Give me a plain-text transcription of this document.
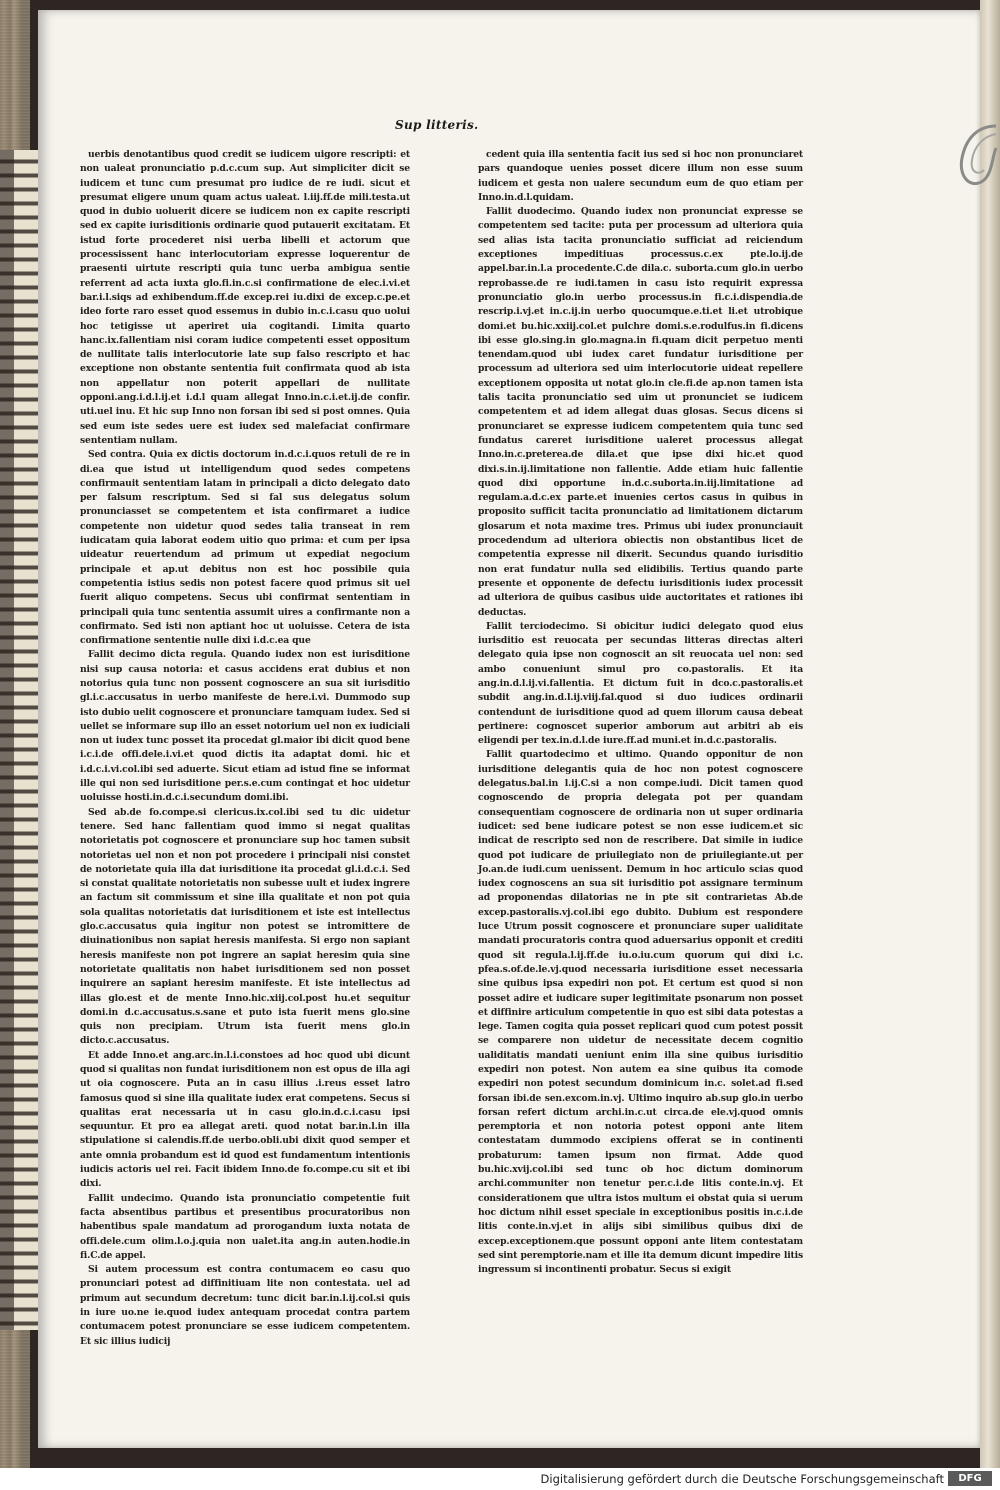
Sup litteris.

uerbis denotantibus quod credit se iudicem uigore rescripti: et non ualeat pronunciatio p.d.c.cum sup. Aut simpliciter dicit se iudicem et tunc cum presumat pro iudice de re iudi. sicut et presumat eligere unum quam actus ualeat. l.iij.ff.de mili.testa.ut quod in dubio uoluerit dicere se iudicem non ex capite rescripti sed ex capite iurisditionis ordinarie quod putauerit excitatam. Et istud forte procederet nisi uerba libelli et actorum que processissent hanc interlocutoriam expresse loquerentur de praesenti uirtute rescripti quia tunc uerba ambigua sentie referrent ad acta iuxta glo.fi.in.c.si confirmatione de elec.i.vi.et bar.i.l.siqs ad exhibendum.ff.de excep.rei iu.dixi de excep.c.pe.et ideo forte raro esset quod essemus in dubio in.c.i.casu quo uolui hoc tetigisse ut aperiret uia cogitandi. Limita quarto hanc.ix.fallentiam nisi coram iudice competenti esset oppositum de nullitate talis interlocutorie late sup falso rescripto et hac exceptione non obstante sententia fuit confirmata quod ab ista non appellatur non poterit appellari de nullitate opponi.ang.i.d.l.ij.et i.d.l quam allegat Inno.in.c.i.et.ij.de confir. uti.uel inu. Et hic sup Inno non forsan ibi sed si post omnes. Quia sed eum iste sedes uere est iudex sed malefaciat confirmare sententiam nullam.

Sed contra. Quia ex dictis doctorum in.d.c.i.quos retuli de re in di.ea que istud ut intelligendum quod sedes competens confirmauit sententiam latam in principali a dicto delegato dato per falsum rescriptum. Sed si fal sus delegatus solum pronunciasset se competentem et ista confirmaret a iudice competente non uidetur quod sedes talia transeat in rem iudicatam quia laborat eodem uitio quo prima: et cum per ipsa uideatur reuertendum ad primum ut expediat negocium principale et ap.ut debitus non est hoc possibile quia competentia istius sedis non potest facere quod primus sit uel fuerit aliquo competens. Secus ubi confirmat sententiam in principali quia tunc sententia assumit uires a confirmante non a confirmato. Sed isti non aptiant hoc ut uoluisse. Cetera de ista confirmatione sententie nulle dixi i.d.c.ea que

Fallit decimo dicta regula. Quando iudex non est iurisditione nisi sup causa notoria: et casus accidens erat dubius et non notorius quia tunc non possent cognoscere an sua sit iurisditio gl.i.c.accusatus in uerbo manifeste de here.i.vi. Dummodo sup isto dubio uelit cognoscere et pronunciare tamquam iudex. Sed si uellet se informare sup illo an esset notorium uel non ex iudiciali non ut iudex tunc posset ita procedat gl.maior ibi dicit quod bene i.c.i.de offi.dele.i.vi.et quod dictis ita adaptat domi. hic et i.d.c.i.vi.col.ibi sed aduerte. Sicut etiam ad istud fine se informat ille qui non sed iurisditione per.s.e.cum contingat et hoc uidetur uoluisse hosti.in.d.c.i.secundum domi.ibi.

Sed ab.de fo.compe.si clericus.ix.col.ibi sed tu dic uidetur tenere. Sed hanc fallentiam quod immo si negat qualitas notorietatis pot cognoscere et pronunciare sup hoc tamen subsit notorietas uel non et non pot procedere i principali nisi constet de notorietate quia illa dat iurisditione ita procedat gl.i.d.c.i. Sed si constat qualitate notorietatis non subesse uult et iudex ingrere an factum sit commissum et sine illa qualitate et non pot quia sola qualitas notorietatis dat iurisditionem et iste est intellectus glo.c.accusatus quia ingitur non potest se intromittere de diuinationibus non sapiat heresis manifesta. Si ergo non sapiant heresis manifeste non pot ingrere an sapiat heresim quia sine notorietate qualitatis non habet iurisditionem sed non posset inquirere an sapiant heresim manifeste. Et iste intellectus ad illas glo.est et de mente Inno.hic.xiij.col.post hu.et sequitur domi.in d.c.accusatus.s.sane et puto ista fuerit mens glo.sine quis non precipiam. Utrum ista fuerit mens glo.in dicto.c.accusatus.

Et adde Inno.et ang.arc.in.l.i.constoes ad hoc quod ubi dicunt quod si qualitas non fundat iurisditionem non est opus de illa agi ut oia cognoscere. Puta an in casu illius .i.reus esset latro famosus quod si sine illa qualitate iudex erat competens. Secus si qualitas erat necessaria ut in casu glo.in.d.c.i.casu ipsi sequuntur. Et pro ea allegat areti. quod notat bar.in.l.in illa stipulatione si calendis.ff.de uerbo.obli.ubi dixit quod semper et ante omnia probandum est id quod est fundamentum intentionis iudicis actoris uel rei. Facit ibidem Inno.de fo.compe.cu sit et ibi dixi.

Fallit undecimo. Quando ista pronunciatio competentie fuit facta absentibus partibus et presentibus procuratoribus non habentibus spale mandatum ad prorogandum iuxta notata de offi.dele.cum olim.l.o.j.quia non ualet.ita ang.in auten.hodie.in fi.C.de appel.

Si autem processum est contra contumacem eo casu quo pronunciari potest ad diffinitiuam lite non contestata. uel ad primum aut secundum decretum: tunc dicit bar.in.l.ij.col.si quis in iure uo.ne ie.quod iudex antequam procedat contra partem contumacem potest pronunciare se esse iudicem competentem. Et sic illius iudicij

cedent quia illa sententia facit ius sed si hoc non pronunciaret pars quandoque uenies posset dicere illum non esse suum iudicem et gesta non ualere secundum eum de quo etiam per Inno.in.d.l.quidam.

Fallit duodecimo. Quando iudex non pronunciat expresse se competentem sed tacite: puta per processum ad ulteriora quia sed alias ista tacita pronunciatio sufficiat ad reiciendum exceptiones impeditiuas processus.c.ex pte.lo.ij.de appel.bar.in.l.a procedente.C.de dila.c. suborta.cum glo.in uerbo reprobasse.de re iudi.tamen in casu isto requirit expressa pronunciatio glo.in uerbo processus.in fi.c.i.dispendia.de rescrip.i.vj.et in.c.ij.in uerbo quocumque.e.ti.et li.et utrobique domi.et bu.hic.xxiij.col.et pulchre domi.s.e.rodulfus.in fi.dicens ibi esse glo.sing.in glo.magna.in fi.quam dicit perpetuo menti tenendam.quod ubi iudex caret fundatur iurisditione per processum ad ulteriora sed uim interlocutorie uideat repellere exceptionem opposita ut notat glo.in cle.fi.de ap.non tamen ista talis tacita pronunciatio sed uim ut pronunciet se iudicem competentem et ad idem allegat duas glosas. Secus dicens si pronunciaret se expresse iudicem competentem quia tunc sed fundatus careret iurisditione ualeret processus allegat Inno.in.c.preterea.de dila.et que ipse dixi hic.et quod dixi.s.in.ij.limitatione non fallentie. Adde etiam huic fallentie quod dixi opportune in.d.c.suborta.in.iij.limitatione ad regulam.a.d.c.ex parte.et inuenies certos casus in quibus in proposito sufficit tacita pronunciatio ad limitationem dictarum glosarum et nota maxime tres. Primus ubi iudex pronunciauit procedendum ad ulteriora obiectis non obstantibus licet de competentia expresse nil dixerit. Secundus quando iurisditio non erat fundatur nulla sed elidibilis. Tertius quando parte presente et opponente de defectu iurisditionis iudex processit ad ulteriora de quibus casibus uide auctoritates et rationes ibi deductas.

Fallit terciodecimo. Si obicitur iudici delegato quod eius iurisditio est reuocata per secundas litteras directas alteri delegato quia ipse non cognoscit an sit reuocata uel non: sed ambo conueniunt simul pro co.pastoralis. Et ita ang.in.d.l.ij.vi.fallentia. Et dictum fuit in dco.c.pastoralis.et subdit ang.in.d.l.ij.viij.fal.quod si duo iudices ordinarii contendunt de iurisditione quod ad quem illorum causa debeat pertinere: cognoscet superior amborum aut arbitri ab eis eligendi per tex.in.d.l.de iure.ff.ad muni.et in.d.c.pastoralis.

Fallit quartodecimo et ultimo. Quando opponitur de non iurisditione delegantis quia de hoc non potest cognoscere delegatus.bal.in l.ij.C.si a non compe.iudi. Dicit tamen quod cognoscendo de propria delegata pot per quandam consequentiam cognoscere de ordinaria non ut super ordinaria iudicet: sed bene iudicare potest se non esse iudicem.et sic indicat de rescripto sed non de rescribere. Dat simile in iudice quod pot iudicare de priuilegiato non de priuilegiante.ut per Jo.an.de iudi.cum uenissent. Demum in hoc articulo scias quod iudex cognoscens an sua sit iurisditio pot assignare terminum ad proponendas dilatorias ne in pte sit contrarietas Ab.de excep.pastoralis.vj.col.ibi ego dubito. Dubium est respondere luce Utrum possit cognoscere et pronunciare super ualiditate mandati procuratoris contra quod aduersarius opponit et crediti quod sit regula.l.ij.ff.de iu.o.iu.cum quorum qui dixi i.c. pfea.s.of.de.le.vj.quod necessaria iurisditione esset necessaria sine quibus ipsa expediri non pot. Et certum est quod si non posset adire et iudicare super legitimitate psonarum non posset et diffinire articulum competentie in quo est sibi data potestas a lege. Tamen cogita quia posset replicari quod cum potest possit se comparere non uidetur de necessitate decem cognitio ualiditatis mandati ueniunt enim illa sine quibus iurisditio expediri non potest. Non autem ea sine quibus ita comode expediri non potest secundum dominicum in.c. solet.ad fi.sed forsan ibi.de sen.excom.in.vj. Ultimo inquiro ab.sup glo.in uerbo forsan refert dictum archi.in.c.ut circa.de ele.vj.quod omnis peremptoria et non notoria potest opponi ante litem contestatam dummodo excipiens offerat se in continenti probaturum: tamen ipsum non firmat. Adde quod bu.hic.xvij.col.ibi sed tunc ob hoc dictum dominorum archi.communiter non tenetur per.c.i.de litis conte.in.vj. Et considerationem que ultra istos multum ei obstat quia si uerum hoc dictum nihil esset speciale in exceptionibus positis in.c.i.de litis conte.in.vj.et in alijs sibi similibus quibus dixi de excep.exceptionem.que possunt opponi ante litem contestatam sed sint peremptorie.nam et ille ita demum dicunt impedire litis ingressum si incontinenti probatur. Secus si exigit

Digitalisierung gefördert durch die Deutsche Forschungsgemeinschaft	DFG
